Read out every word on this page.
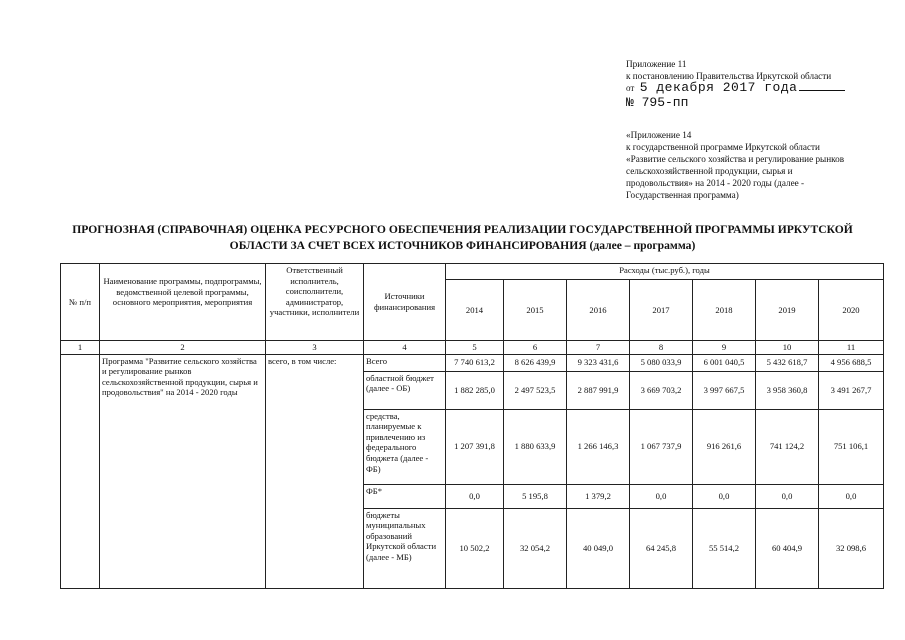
Приложение 11
к постановлению Правительства Иркутской области
от 5 декабря 2017 года
№ 795-пп
«Приложение 14
к государственной программе Иркутской области
«Развитие сельского хозяйства и регулирование рынков
сельскохозяйственной продукции, сырья и
продовольствия» на 2014 - 2020 годы (далее -
Государственная программа)
ПРОГНОЗНАЯ (СПРАВОЧНАЯ) ОЦЕНКА РЕСУРСНОГО ОБЕСПЕЧЕНИЯ РЕАЛИЗАЦИИ ГОСУДАРСТВЕННОЙ ПРОГРАММЫ ИРКУТСКОЙ
ОБЛАСТИ ЗА СЧЕТ ВСЕХ ИСТОЧНИКОВ ФИНАНСИРОВАНИЯ (далее – программа)
№ п/п	Наименование программы, подпрограммы, ведомственной целевой программы, основного мероприятия, мероприятия	Ответственный исполнитель, соисполнители, администратор, участники, исполнители	Источники финансирования	Расходы (тыс.руб.), годы						
				2014	2015	2016	2017	2018	2019	2020
1	2	3	4	5	6	7	8	9	10	11
	Программа "Развитие сельского хозяйства и регулирование рынков сельскохозяйственной продукции, сырья и продовольствия" на 2014 - 2020 годы	всего, в том числе:	Всего	7 740 613,2	8 626 439,9	9 323 431,6	5 080 033,9	6 001 040,5	5 432 618,7	4 956 688,5
			областной бюджет (далее - ОБ)	1 882 285,0	2 497 523,5	2 887 991,9	3 669 703,2	3 997 667,5	3 958 360,8	3 491 267,7
			средства, планируемые к привлечению из федерального бюджета (далее - ФБ)	1 207 391,8	1 880 633,9	1 266 146,3	1 067 737,9	916 261,6	741 124,2	751 106,1
			ФБ*	0,0	5 195,8	1 379,2	0,0	0,0	0,0	0,0
			бюджеты муниципальных образований Иркутской области (далее - МБ)	10 502,2	32 054,2	40 049,0	64 245,8	55 514,2	60 404,9	32 098,6
